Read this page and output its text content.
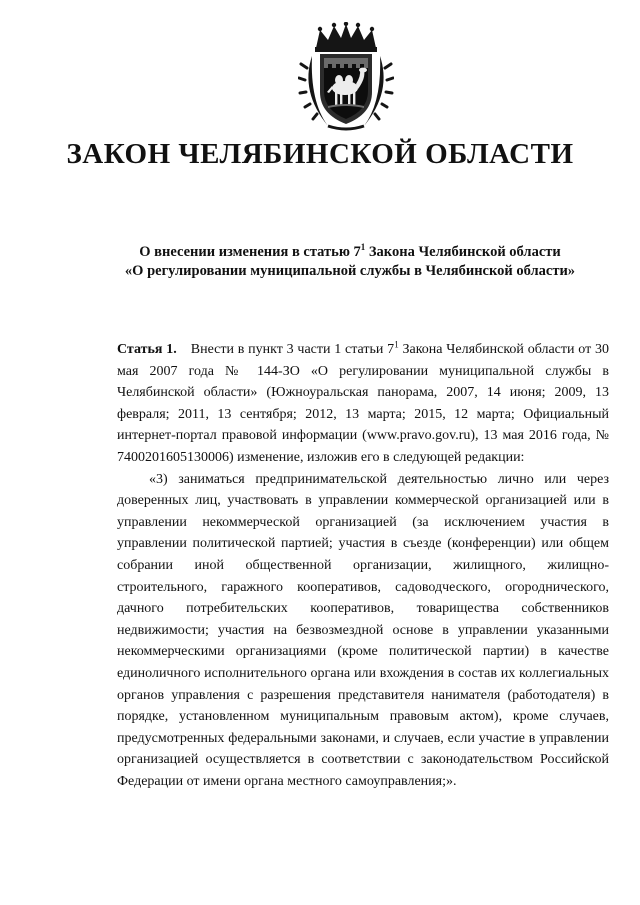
ЗАКОН ЧЕЛЯБИНСКОЙ ОБЛАСТИ
О внесении изменения в статью $7^1$ Закона Челябинской области
«О регулировании муниципальной службы в Челябинской области»

Статья 1. Внести в пункт 3 части 1 статьи $7^1$ Закона Челябинской области от 30 мая 2007 года № 144-ЗО «О регулировании муниципальной службы в Челябинской области» (Южноуральская панорама, 2007, 14 июня; 2009, 13 февраля; 2011, 13 сентября; 2012, 13 марта; 2015, 12 марта; Официальный интернет-портал правовой информации (www.pravo.gov.ru), 13 мая 2016 года, № 7400201605130006) изменение, изложив его в следующей редакции:

«3) заниматься предпринимательской деятельностью лично или через доверенных лиц, участвовать в управлении коммерческой организацией или в управлении некоммерческой организацией (за исключением участия в управлении политической партией; участия в съезде (конференции) или общем собрании иной общественной организации, жилищного, жилищно-строительного, гаражного кооперативов, садоводческого, огороднического, дачного потребительских кооперативов, товарищества собственников недвижимости; участия на безвозмездной основе в управлении указанными некоммерческими организациями (кроме политической партии) в качестве единоличного исполнительного органа или вхождения в состав их коллегиальных органов управления с разрешения представителя нанимателя (работодателя) в порядке, установленном муниципальным правовым актом), кроме случаев, предусмотренных федеральными законами, и случаев, если участие в управлении организацией осуществляется в соответствии с законодательством Российской Федерации от имени органа местного самоуправления;».
